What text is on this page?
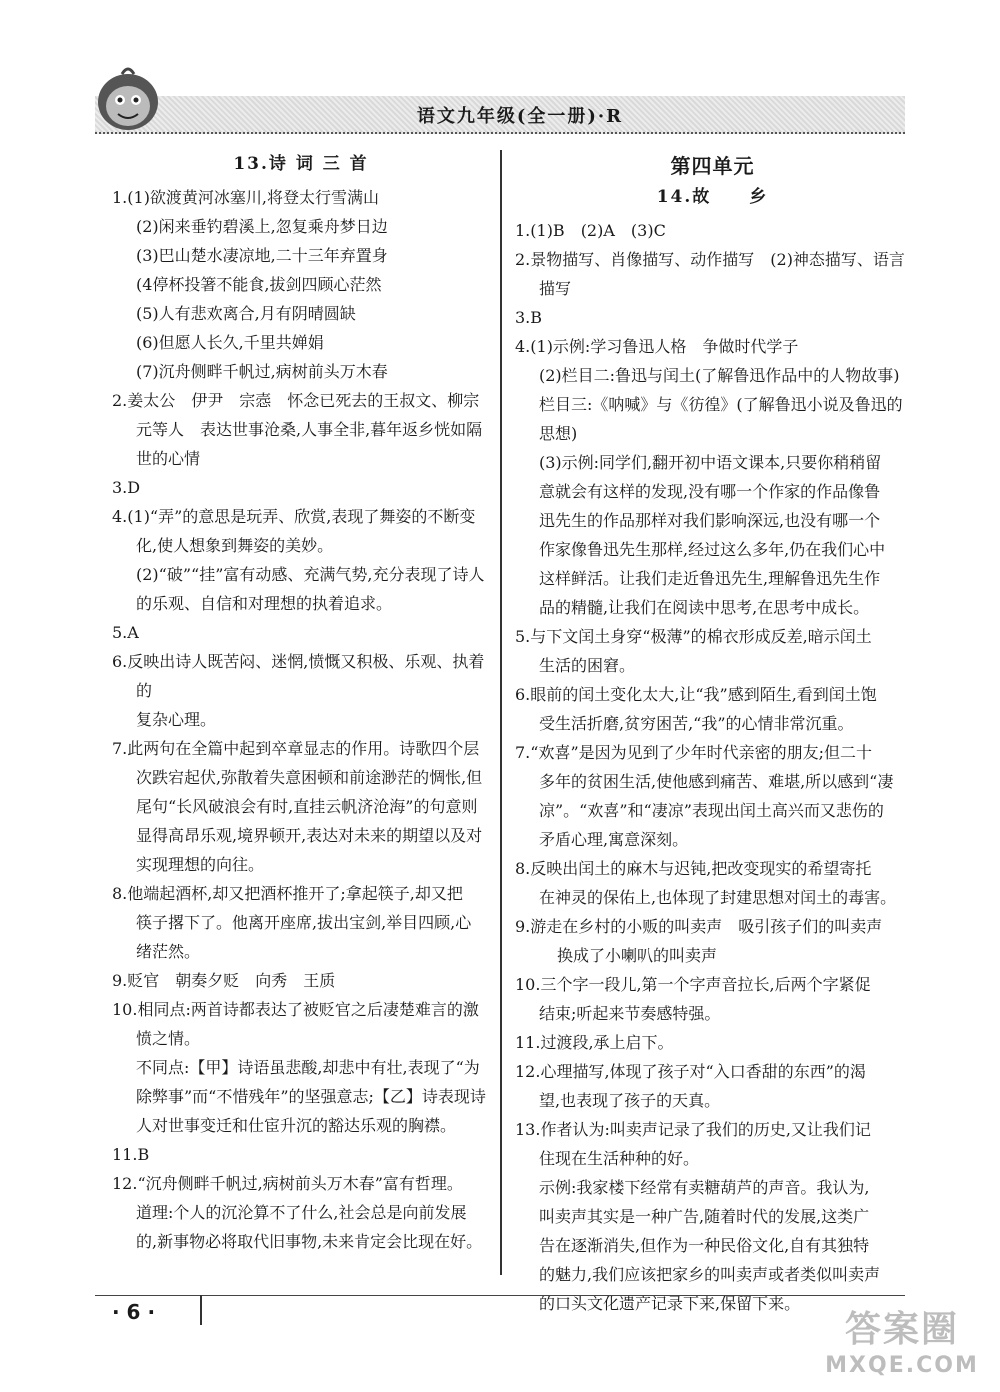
语文九年级(全一册)·R
13.诗 词 三 首
1.(1)欲渡黄河冰塞川,将登太行雪满山
(2)闲来垂钓碧溪上,忽复乘舟梦日边
(3)巴山楚水凄凉地,二十三年弃置身
(4停杯投箸不能食,拔剑四顾心茫然
(5)人有悲欢离合,月有阴晴圆缺
(6)但愿人长久,千里共婵娟
(7)沉舟侧畔千帆过,病树前头万木春
2.姜太公　伊尹　宗悫　怀念已死去的王叔文、柳宗
元等人　表达世事沧桑,人事全非,暮年返乡恍如隔
世的心情
3.D
4.(1)“弄”的意思是玩弄、欣赏,表现了舞姿的不断变
化,使人想象到舞姿的美妙。
(2)“破”“挂”富有动感、充满气势,充分表现了诗人
的乐观、自信和对理想的执着追求。
5.A
6.反映出诗人既苦闷、迷惘,愤慨又积极、乐观、执着的
复杂心理。
7.此两句在全篇中起到卒章显志的作用。诗歌四个层
次跌宕起伏,弥散着失意困顿和前途渺茫的惆怅,但
尾句“长风破浪会有时,直挂云帆济沧海”的句意则
显得高昂乐观,境界顿开,表达对未来的期望以及对
实现理想的向往。
8.他端起酒杯,却又把酒杯推开了;拿起筷子,却又把
筷子撂下了。他离开座席,拔出宝剑,举目四顾,心
绪茫然。
9.贬官　朝奏夕贬　向秀　王质
10.相同点:两首诗都表达了被贬官之后凄楚难言的激
愤之情。
不同点:【甲】诗语虽悲酸,却悲中有壮,表现了“为
除弊事”而“不惜残年”的坚强意志;【乙】诗表现诗
人对世事变迁和仕宦升沉的豁达乐观的胸襟。
11.B
12.“沉舟侧畔千帆过,病树前头万木春”富有哲理。
道理:个人的沉沦算不了什么,社会总是向前发展
的,新事物必将取代旧事物,未来肯定会比现在好。
第四单元
14.故　　乡
1.(1)B　(2)A　(3)C
2.景物描写、肖像描写、动作描写　(2)神态描写、语言
描写
3.B
4.(1)示例:学习鲁迅人格　争做时代学子
(2)栏目二:鲁迅与闰土(了解鲁迅作品中的人物故事)
栏目三:《呐喊》与《彷徨》(了解鲁迅小说及鲁迅的思想)
(3)示例:同学们,翻开初中语文课本,只要你稍稍留
意就会有这样的发现,没有哪一个作家的作品像鲁
迅先生的作品那样对我们影响深远,也没有哪一个
作家像鲁迅先生那样,经过这么多年,仍在我们心中
这样鲜活。让我们走近鲁迅先生,理解鲁迅先生作
品的精髓,让我们在阅读中思考,在思考中成长。
5.与下文闰土身穿“极薄”的棉衣形成反差,暗示闰土
生活的困窘。
6.眼前的闰土变化太大,让“我”感到陌生,看到闰土饱
受生活折磨,贫穷困苦,“我”的心情非常沉重。
7.“欢喜”是因为见到了少年时代亲密的朋友;但二十
多年的贫困生活,使他感到痛苦、难堪,所以感到“凄
凉”。“欢喜”和“凄凉”表现出闰土高兴而又悲伤的
矛盾心理,寓意深刻。
8.反映出闰土的麻木与迟钝,把改变现实的希望寄托
在神灵的保佑上,也体现了封建思想对闰土的毒害。
9.游走在乡村的小贩的叫卖声　吸引孩子们的叫卖声
换成了小喇叭的叫卖声
10.三个字一段儿,第一个字声音拉长,后两个字紧促
结束;听起来节奏感特强。
11.过渡段,承上启下。
12.心理描写,体现了孩子对“入口香甜的东西”的渴
望,也表现了孩子的天真。
13.作者认为:叫卖声记录了我们的历史,又让我们记
住现在生活种种的好。
示例:我家楼下经常有卖糖葫芦的声音。我认为,
叫卖声其实是一种广告,随着时代的发展,这类广
告在逐渐消失,但作为一种民俗文化,自有其独特
的魅力,我们应该把家乡的叫卖声或者类似叫卖声
的口头文化遗产记录下来,保留下来。
· 6 ·	答案圈
MXQE.COM
